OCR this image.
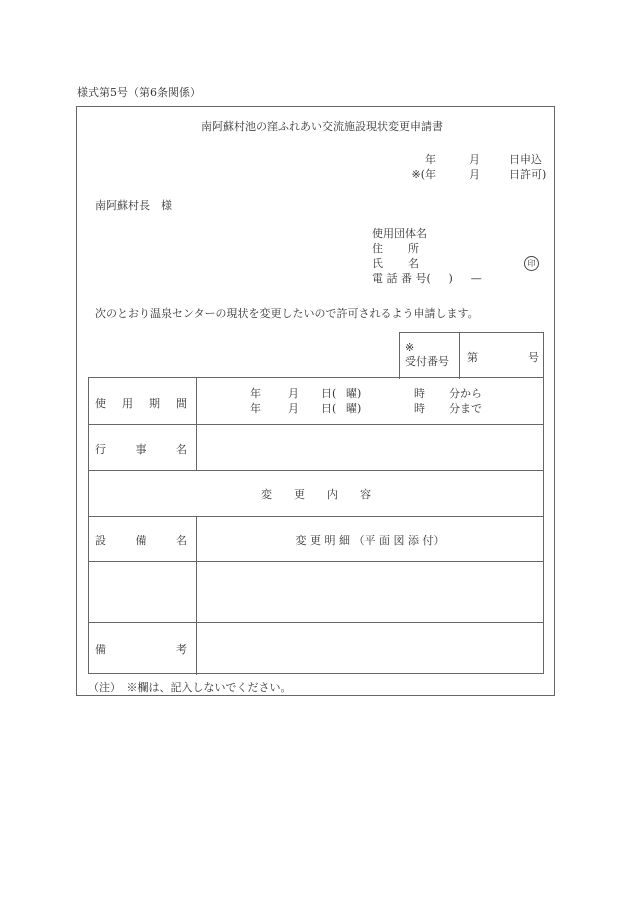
様式第5号（第6条関係）
南阿蘇村池の窪ふれあい交流施設現状変更申請書
年	月	日申込
※( 年	月	日許可)
南阿蘇村長　様
使用団体名
住 所
氏 名
電 話 番 号( ) —
印
次のとおり温泉センターの現状を変更したいので許可されるよう申請します。
※
受付番号 第	号
使 用 期 間
年 月 日( 曜)	時 分から
年 月 日( 曜)	時 分まで
行	事	名
変　　更　　内　　容
設	備	名	変 更 明 細 （平 面 図 添 付）
備	考
（注）　※欄は、記入しないでください。
